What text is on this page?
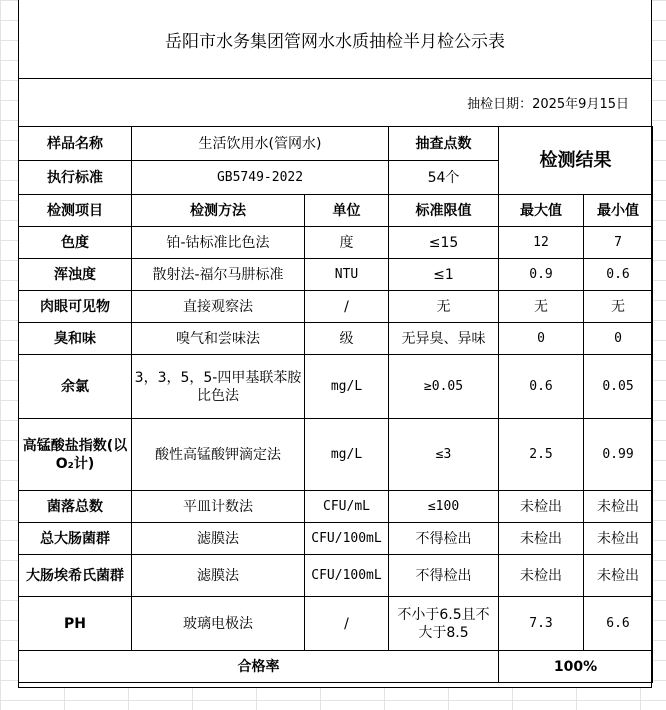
岳阳市水务集团管网水水质抽检半月检公示表
抽检日期：2025年9月15日
样品名称	生活饮用水(管网水)		抽查点数	检测结果	
执行标准	GB5749-2022		54个		
检测项目	检测方法	单位	标准限值	最大值	最小值
色度	铂-钴标准比色法	度	≤15	12	7
浑浊度	散射法-福尔马肼标准	NTU	≤1	0.9	0.6
肉眼可见物	直接观察法	/	无	无	无
臭和味	嗅气和尝味法	级	无异臭、异味	0	0
余氯	3，3，5，5-四甲基联苯胺比色法	mg/L	≥0.05	0.6	0.05
高锰酸盐指数(以O₂计)	酸性高锰酸钾滴定法	mg/L	≤3	2.5	0.99
菌落总数	平皿计数法	CFU/mL	≤100	未检出	未检出
总大肠菌群	滤膜法	CFU/100mL	不得检出	未检出	未检出
大肠埃希氏菌群	滤膜法	CFU/100mL	不得检出	未检出	未检出
PH	玻璃电极法	/	不小于6.5且不大于8.5	7.3	6.6
合格率				100%	
